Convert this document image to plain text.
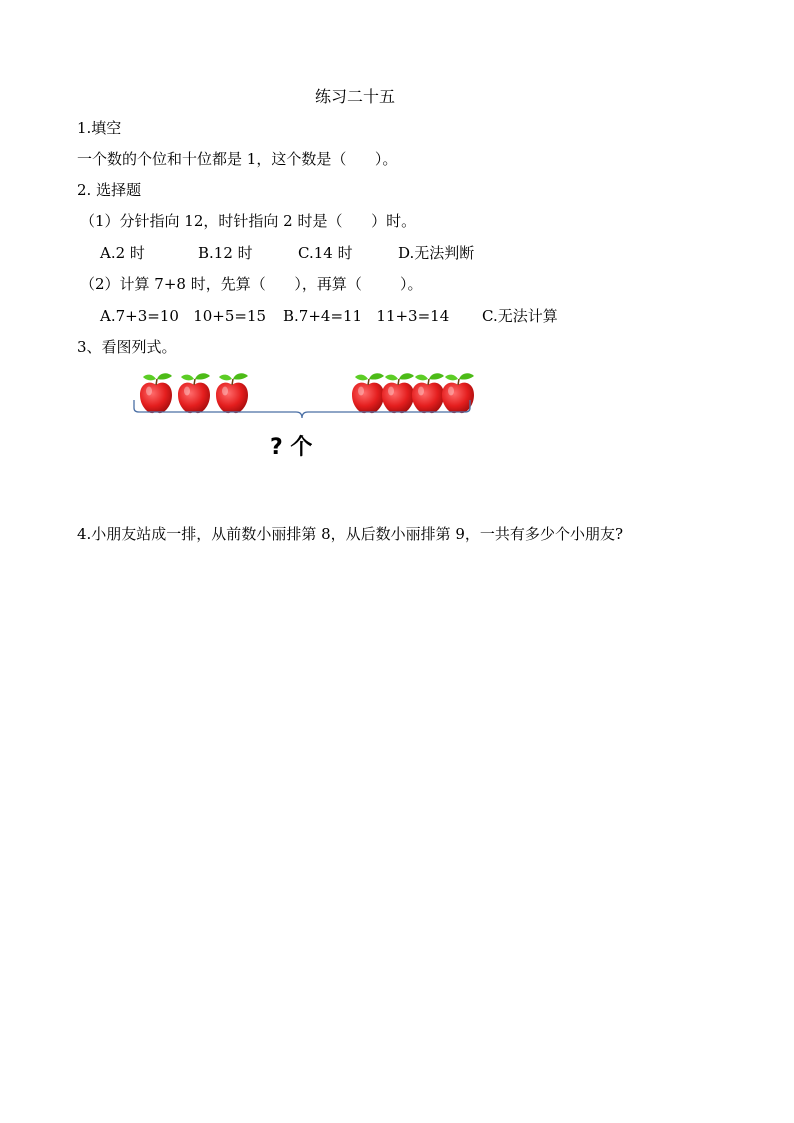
练习二十五
1.填空
一个数的个位和十位都是 1，这个数是（      ）。
2. 选择题
（1）分针指向 12，时针指向 2 时是（      ）时。

A.2 时

	B.12 时

	C.14 时

	D.无法判断

（2）计算 7+8 时，先算（      ），再算（        ）。

A.7+3=10   10+5=15

B.7+4=11   11+3=14

C.无法计算

3、看图列式。
? 个
4.小朋友站成一排，从前数小丽排第 8，从后数小丽排第 9，一共有多少个小朋友?
